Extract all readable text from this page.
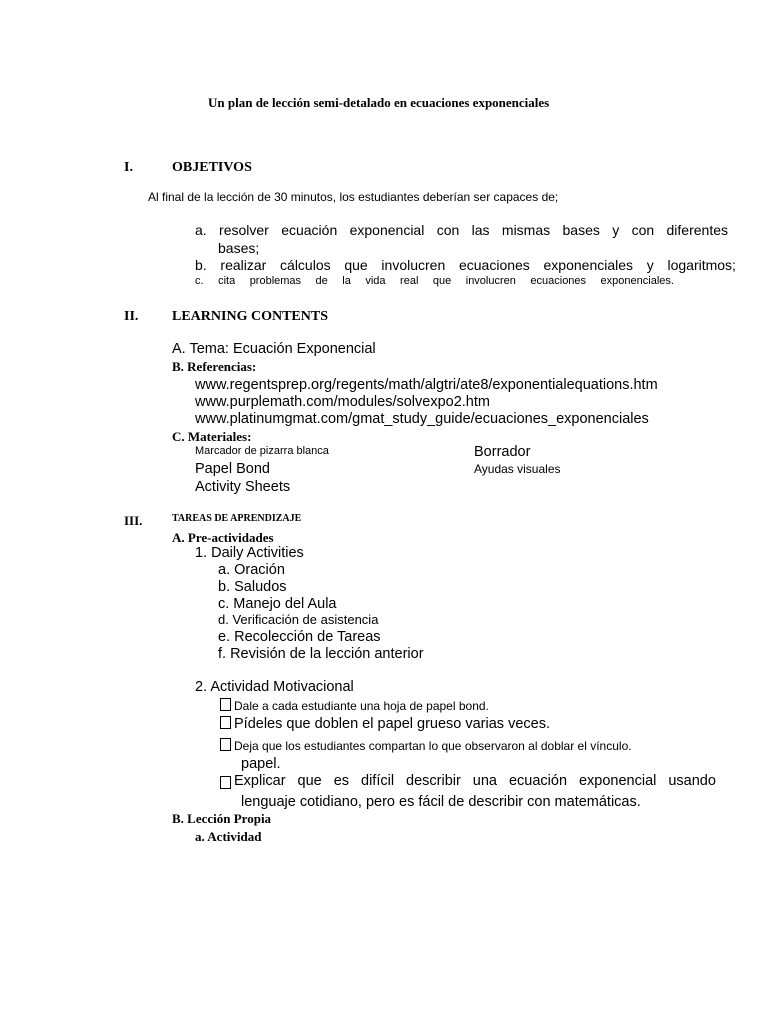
Un plan de lección semi-detalado en ecuaciones exponenciales
I.	OBJETIVOS
Al final de la lección de 30 minutos, los estudiantes deberían ser capaces de;
a. resolver ecuación exponencial con las mismas bases y con diferentes
bases;
b. realizar cálculos que involucren ecuaciones exponenciales y logaritmos;
c. cita problemas de la vida real que involucren ecuaciones exponenciales.
II. LEARNING CONTENTS
A. Tema: Ecuación Exponencial
B. Referencias:
www.regentsprep.org/regents/math/algtri/ate8/exponentialequations.htm
www.purplemath.com/modules/solvexpo2.htm
www.platinumgmat.com/gmat_study_guide/ecuaciones_exponenciales
C. Materiales:
Marcador de pizarra blanca
Papel Bond
Activity Sheets
Borrador
Ayudas visuales
III.	TAREAS DE APRENDIZAJE
A. Pre-actividades
1. Daily Activities
a. Oración
b. Saludos
c. Manejo del Aula
d. Verificación de asistencia
e. Recolección de Tareas
f. Revisión de la lección anterior
2. Actividad Motivacional
Dale a cada estudiante una hoja de papel bond.
Pídeles que doblen el papel grueso varias veces.
Deja que los estudiantes compartan lo que observaron al doblar el vínculo.
papel.
Explicar que es difícil describir una ecuación exponencial usando
lenguaje cotidiano, pero es fácil de describir con matemáticas.
B. Lección Propia
a. Actividad
